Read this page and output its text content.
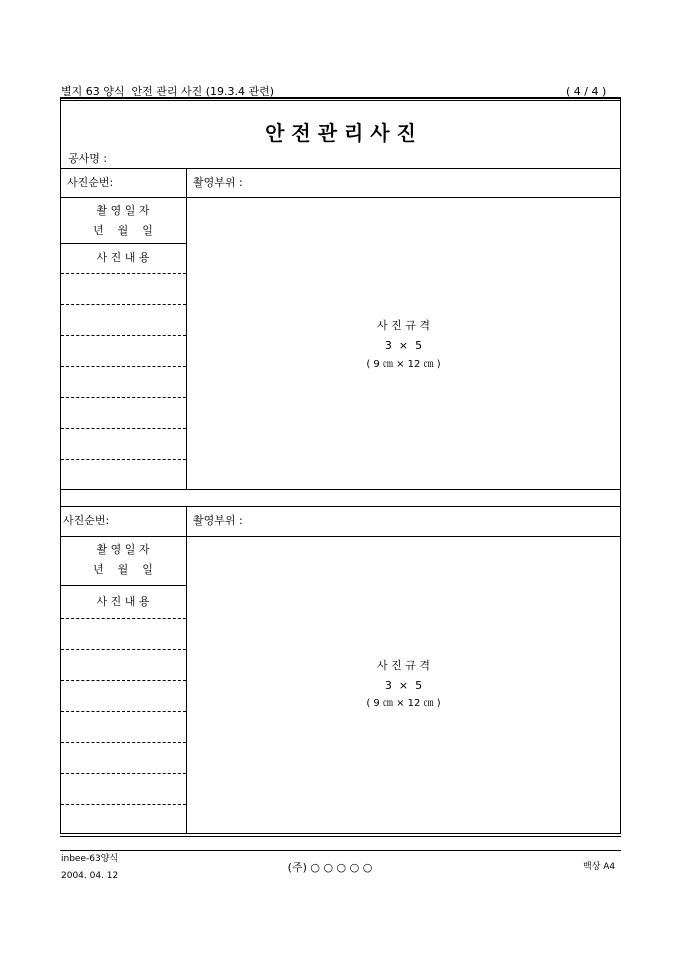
별지 63 양식  안전 관리 사진 (19.3.4 관련)	( 4 / 4 )
안 전 관 리 사 진
공사명 :
사진순번:	촬영부위 :
촬 영 일 자
년    월    일
사 진 내 용
사 진 규 격
3  ×  5
( 9 ㎝ × 12 ㎝ )
사진순번:	촬영부위 :
촬 영 일 자
년    월    일
사 진 내 용
사 진 규 격
3  ×  5
( 9 ㎝ × 12 ㎝ )
inbee-63양식
2004. 04. 12
(주) ○ ○ ○ ○ ○	백상 A4
